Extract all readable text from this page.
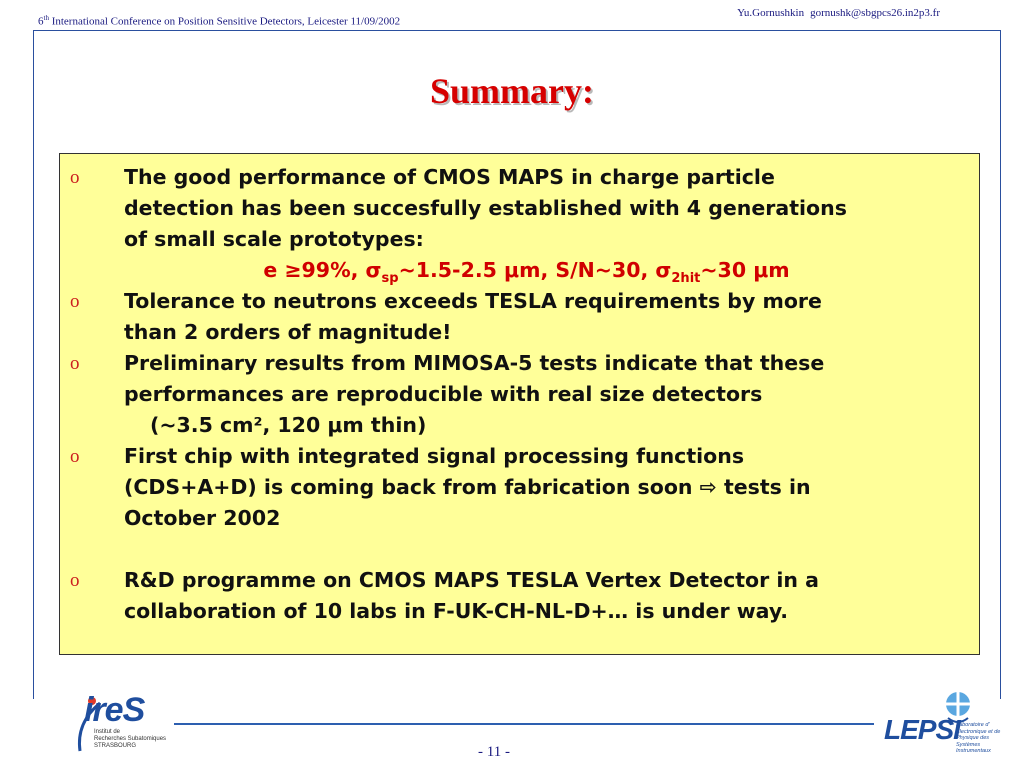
6th International Conference on Position Sensitive Detectors, Leicester 11/09/2002
Yu.Gornushkin gornushk@sbgpcs26.in2p3.fr
Summary:
o The good performance of CMOS MAPS in charge particle
detection has been succesfully established with 4 generations
of small scale prototypes:
e ≥99%, $\sigma_{sp}\sim 1.5-2.5$ μm, S/N~30, $\sigma_{2hit}\sim 30$ μm
o Tolerance to neutrons exceeds TESLA requirements by more
than 2 orders of magnitude!
o Preliminary results from MIMOSA-5 tests indicate that these
performances are reproducible with real size detectors
(~3.5 cm², 120 μm thin)
o First chip with integrated signal processing functions
(CDS+A+D) is coming back from fabrication soon ⇨ tests in
October 2002
o R&D programme on CMOS MAPS TESLA Vertex Detector in a
collaboration of 10 labs in F-UK-CH-NL-D+… is under way.
ireS
Institut de
Recherches Subatomiques
STRASBOURG	- 11 -
LEPSI
Laboratoire d'
Electronique et de
Physique des
Systèmes
Instrumentaux
